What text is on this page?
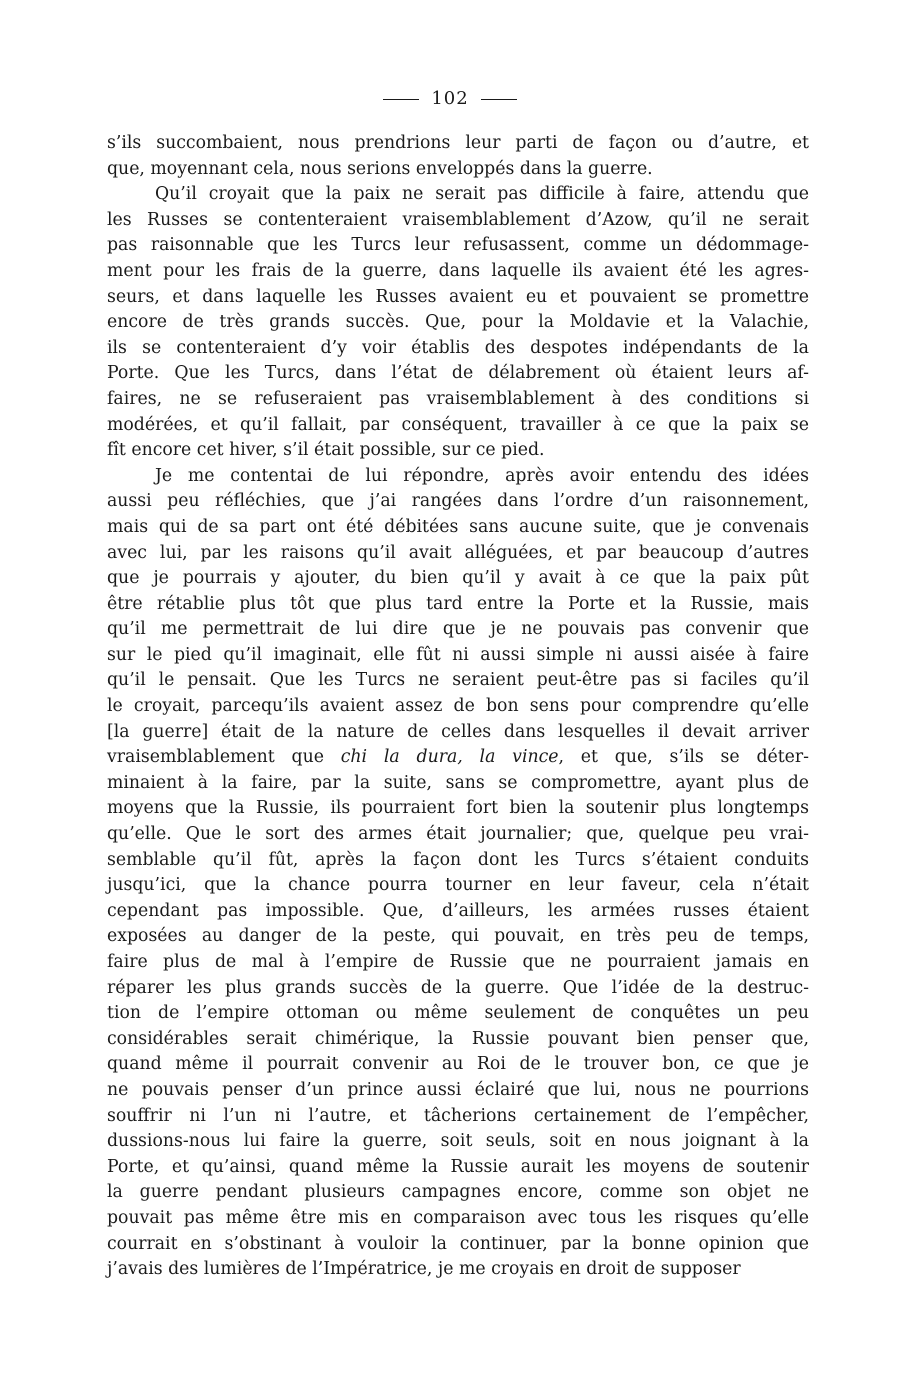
102

s’ils succombaient, nous prendrions leur parti de façon ou d’autre, et
que, moyennant cela, nous serions enveloppés dans la guerre.

Qu’il croyait que la paix ne serait pas difficile à faire, attendu que
les Russes se contenteraient vraisemblablement d’Azow, qu’il ne serait
pas raisonnable que les Turcs leur refusassent, comme un dédommage-
ment pour les frais de la guerre, dans laquelle ils avaient été les agres-
seurs, et dans laquelle les Russes avaient eu et pouvaient se promettre
encore de très grands succès. Que, pour la Moldavie et la Valachie,
ils se contenteraient d’y voir établis des despotes indépendants de la
Porte. Que les Turcs, dans l’état de délabrement où étaient leurs af-
faires, ne se refuseraient pas vraisemblablement à des conditions si
modérées, et qu’il fallait, par conséquent, travailler à ce que la paix se
fît encore cet hiver, s’il était possible, sur ce pied.

Je me contentai de lui répondre, après avoir entendu des idées
aussi peu réfléchies, que j’ai rangées dans l’ordre d’un raisonnement,
mais qui de sa part ont été débitées sans aucune suite, que je convenais
avec lui, par les raisons qu’il avait alléguées, et par beaucoup d’autres
que je pourrais y ajouter, du bien qu’il y avait à ce que la paix pût
être rétablie plus tôt que plus tard entre la Porte et la Russie, mais
qu’il me permettrait de lui dire que je ne pouvais pas convenir que
sur le pied qu’il imaginait, elle fût ni aussi simple ni aussi aisée à faire
qu’il le pensait. Que les Turcs ne seraient peut-être pas si faciles qu’il
le croyait, parcequ’ils avaient assez de bon sens pour comprendre qu’elle
[la guerre] était de la nature de celles dans lesquelles il devait arriver
vraisemblablement que chi la dura, la vince, et que, s’ils se déter-
minaient à la faire, par la suite, sans se compromettre, ayant plus de
moyens que la Russie, ils pourraient fort bien la soutenir plus longtemps
qu’elle. Que le sort des armes était journalier; que, quelque peu vrai-
semblable qu’il fût, après la façon dont les Turcs s’étaient conduits
jusqu’ici, que la chance pourra tourner en leur faveur, cela n’était
cependant pas impossible. Que, d’ailleurs, les armées russes étaient
exposées au danger de la peste, qui pouvait, en très peu de temps,
faire plus de mal à l’empire de Russie que ne pourraient jamais en
réparer les plus grands succès de la guerre. Que l’idée de la destruc-
tion de l’empire ottoman ou même seulement de conquêtes un peu
considérables serait chimérique, la Russie pouvant bien penser que,
quand même il pourrait convenir au Roi de le trouver bon, ce que je
ne pouvais penser d’un prince aussi éclairé que lui, nous ne pourrions
souffrir ni l’un ni l’autre, et tâcherions certainement de l’empêcher,
dussions-nous lui faire la guerre, soit seuls, soit en nous joignant à la
Porte, et qu’ainsi, quand même la Russie aurait les moyens de soutenir
la guerre pendant plusieurs campagnes encore, comme son objet ne
pouvait pas même être mis en comparaison avec tous les risques qu’elle
courrait en s’obstinant à vouloir la continuer, par la bonne opinion que
j’avais des lumières de l’Impératrice, je me croyais en droit de supposer
